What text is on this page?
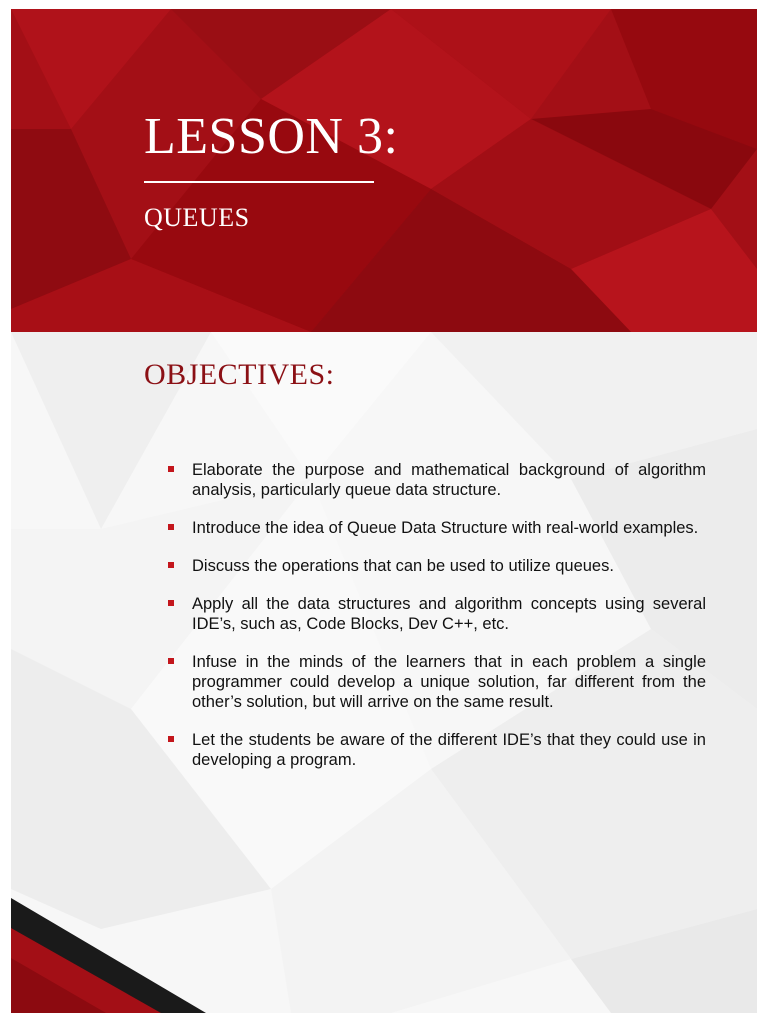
LESSON 3:
QUEUES
OBJECTIVES:
Elaborate the purpose and mathematical background of algorithm analysis, particularly queue data structure.
Introduce the idea of Queue Data Structure with real-world examples.
Discuss the operations that can be used to utilize queues.
Apply all the data structures and algorithm concepts using several IDE’s, such as, Code Blocks, Dev C++, etc.
Infuse in the minds of the learners that in each problem a single programmer could develop a unique solution, far different from the other’s solution, but will arrive on the same result.
Let the students be aware of the different IDE’s that they could use in developing a program.
